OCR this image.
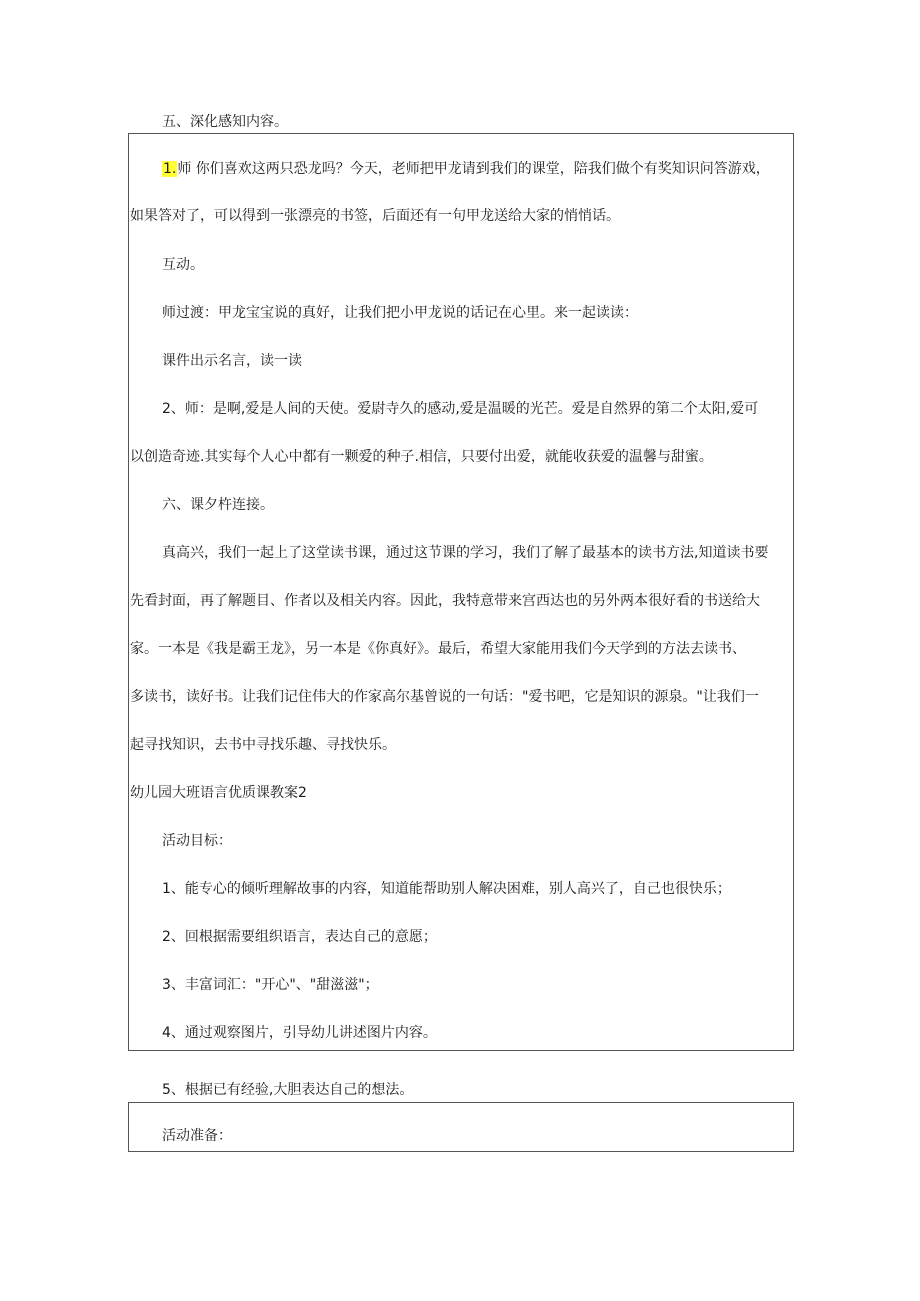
五、深化感知内容。
1.师 你们喜欢这两只恐龙吗？今天，老师把甲龙请到我们的课堂，陪我们做个有奖知识问答游戏，
如果答对了，可以得到一张漂亮的书签，后面还有一句甲龙送给大家的悄悄话。
互动。
师过渡：甲龙宝宝说的真好，让我们把小甲龙说的话记在心里。来一起读读：
课件出示名言，读一读
2、师：是啊,爱是人间的天使。爱尉寺久的感动,爱是温暖的光芒。爱是自然界的第二个太阳,爱可
以创造奇迹.其实每个人心中都有一颗爱的种子.相信，只要付出爱，就能收获爱的温馨与甜蜜。
六、课夕杵连接。
真高兴，我们一起上了这堂读书课，通过这节课的学习，我们了解了最基本的读书方法,知道读书要
先看封面，再了解题目、作者以及相关内容。因此，我特意带来宫西达也的另外两本很好看的书送给大
家。一本是《我是霸王龙》，另一本是《你真好》。最后，希望大家能用我们今天学到的方法去读书、
多读书，读好书。让我们记住伟大的作家高尔基曾说的一句话："爱书吧，它是知识的源泉。"让我们一
起寻找知识，去书中寻找乐趣、寻找快乐。
幼儿园大班语言优质课教案2
活动目标：
1、能专心的倾听理解故事的内容，知道能帮助别人解决困难，别人高兴了，自己也很快乐；
2、回根据需要组织语言，表达自己的意愿；
3、丰富词汇："开心"、"甜滋滋"；
4、通过观察图片，引导幼儿讲述图片内容。
5、根据已有经验,大胆表达自己的想法。
活动准备：
